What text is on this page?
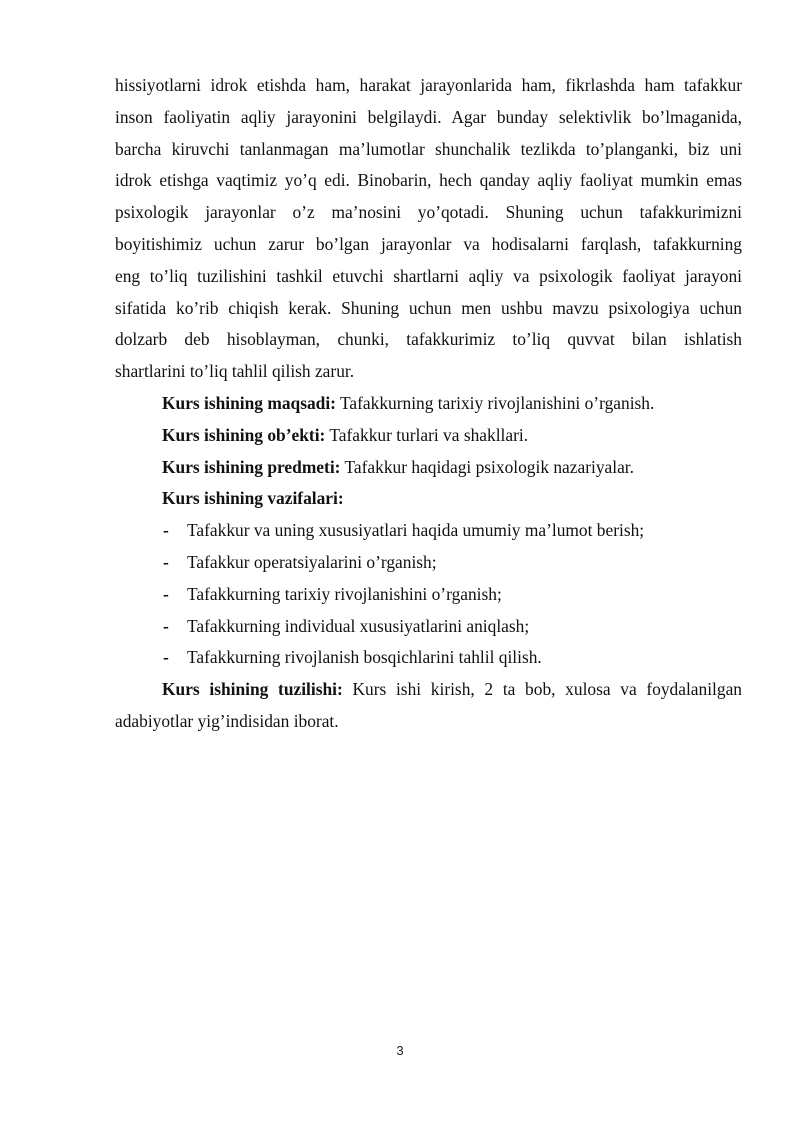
hissiyotlarni idrok etishda ham, harakat jarayonlarida ham, fikrlashda ham tafakkur
inson faoliyatin aqliy jarayonini belgilaydi. Agar bunday selektivlik bo’lmaganida,
barcha kiruvchi tanlanmagan ma’lumotlar shunchalik tezlikda to’planganki, biz uni
idrok etishga vaqtimiz yo’q edi. Binobarin, hech qanday aqliy faoliyat mumkin emas
psixologik jarayonlar o’z ma’nosini yo’qotadi. Shuning uchun tafakkurimizni
boyitishimiz uchun zarur bo’lgan jarayonlar va hodisalarni farqlash, tafakkurning
eng to’liq tuzilishini tashkil etuvchi shartlarni aqliy va psixologik faoliyat jarayoni
sifatida ko’rib chiqish kerak. Shuning uchun men ushbu mavzu psixologiya uchun
dolzarb deb hisoblayman, chunki, tafakkurimiz to’liq quvvat bilan ishlatish
shartlarini to’liq tahlil qilish zarur.

Kurs ishining maqsadi: Tafakkurning tarixiy rivojlanishini o’rganish.

Kurs ishining ob’ekti: Tafakkur turlari va shakllari.

Kurs ishining predmeti: Tafakkur haqidagi psixologik nazariyalar.

Kurs ishining vazifalari:

- Tafakkur va uning xususiyatlari haqida umumiy ma’lumot berish;
- Tafakkur operatsiyalarini o’rganish;
- Tafakkurning tarixiy rivojlanishini o’rganish;
- Tafakkurning individual xususiyatlarini aniqlash;
- Tafakkurning rivojlanish bosqichlarini tahlil qilish.

Kurs ishining tuzilishi: Kurs ishi kirish, 2 ta bob, xulosa va foydalanilgan
adabiyotlar yig’indisidan iborat.

3
